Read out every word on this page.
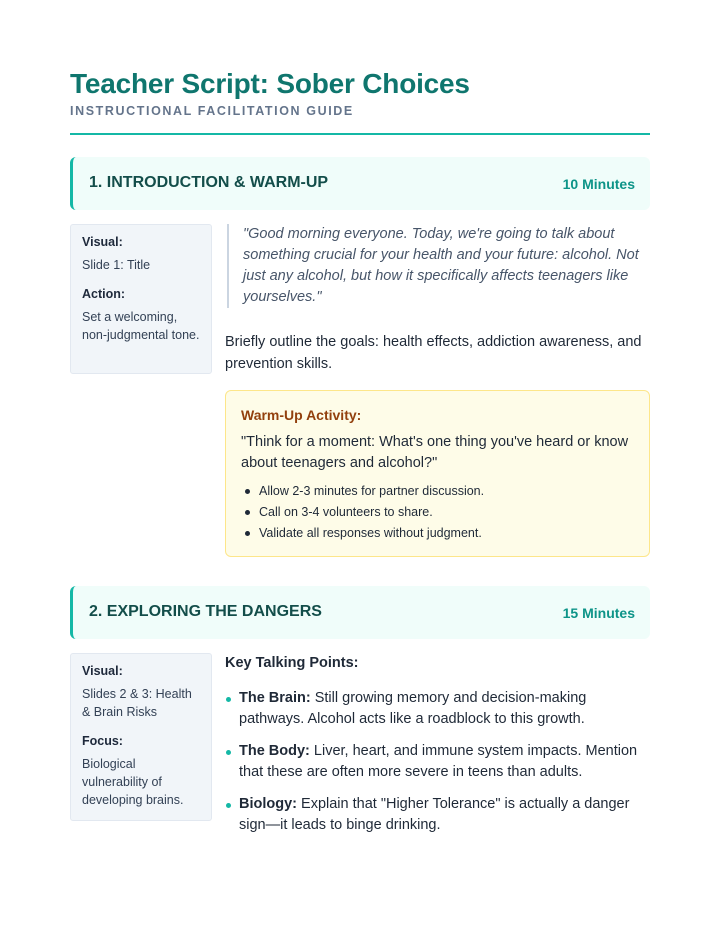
Teacher Script: Sober Choices
INSTRUCTIONAL FACILITATION GUIDE
1. INTRODUCTION & WARM-UP	10 Minutes
Visual:
Slide 1: Title
Action:
Set a welcoming, non-judgmental tone.
"Good morning everyone. Today, we're going to talk about something crucial for your health and your future: alcohol. Not just any alcohol, but how it specifically affects teenagers like yourselves."
Briefly outline the goals: health effects, addiction awareness, and prevention skills.
Warm-Up Activity:
"Think for a moment: What's one thing you've heard or know about teenagers and alcohol?"
Allow 2-3 minutes for partner discussion.
Call on 3-4 volunteers to share.
Validate all responses without judgment.
2. EXPLORING THE DANGERS	15 Minutes
Visual:
Slides 2 & 3: Health & Brain Risks
Focus:
Biological vulnerability of developing brains.
Key Talking Points:
The Brain: Still growing memory and decision-making pathways. Alcohol acts like a roadblock to this growth.
The Body: Liver, heart, and immune system impacts. Mention that these are often more severe in teens than adults.
Biology: Explain that "Higher Tolerance" is actually a danger sign—it leads to binge drinking.
